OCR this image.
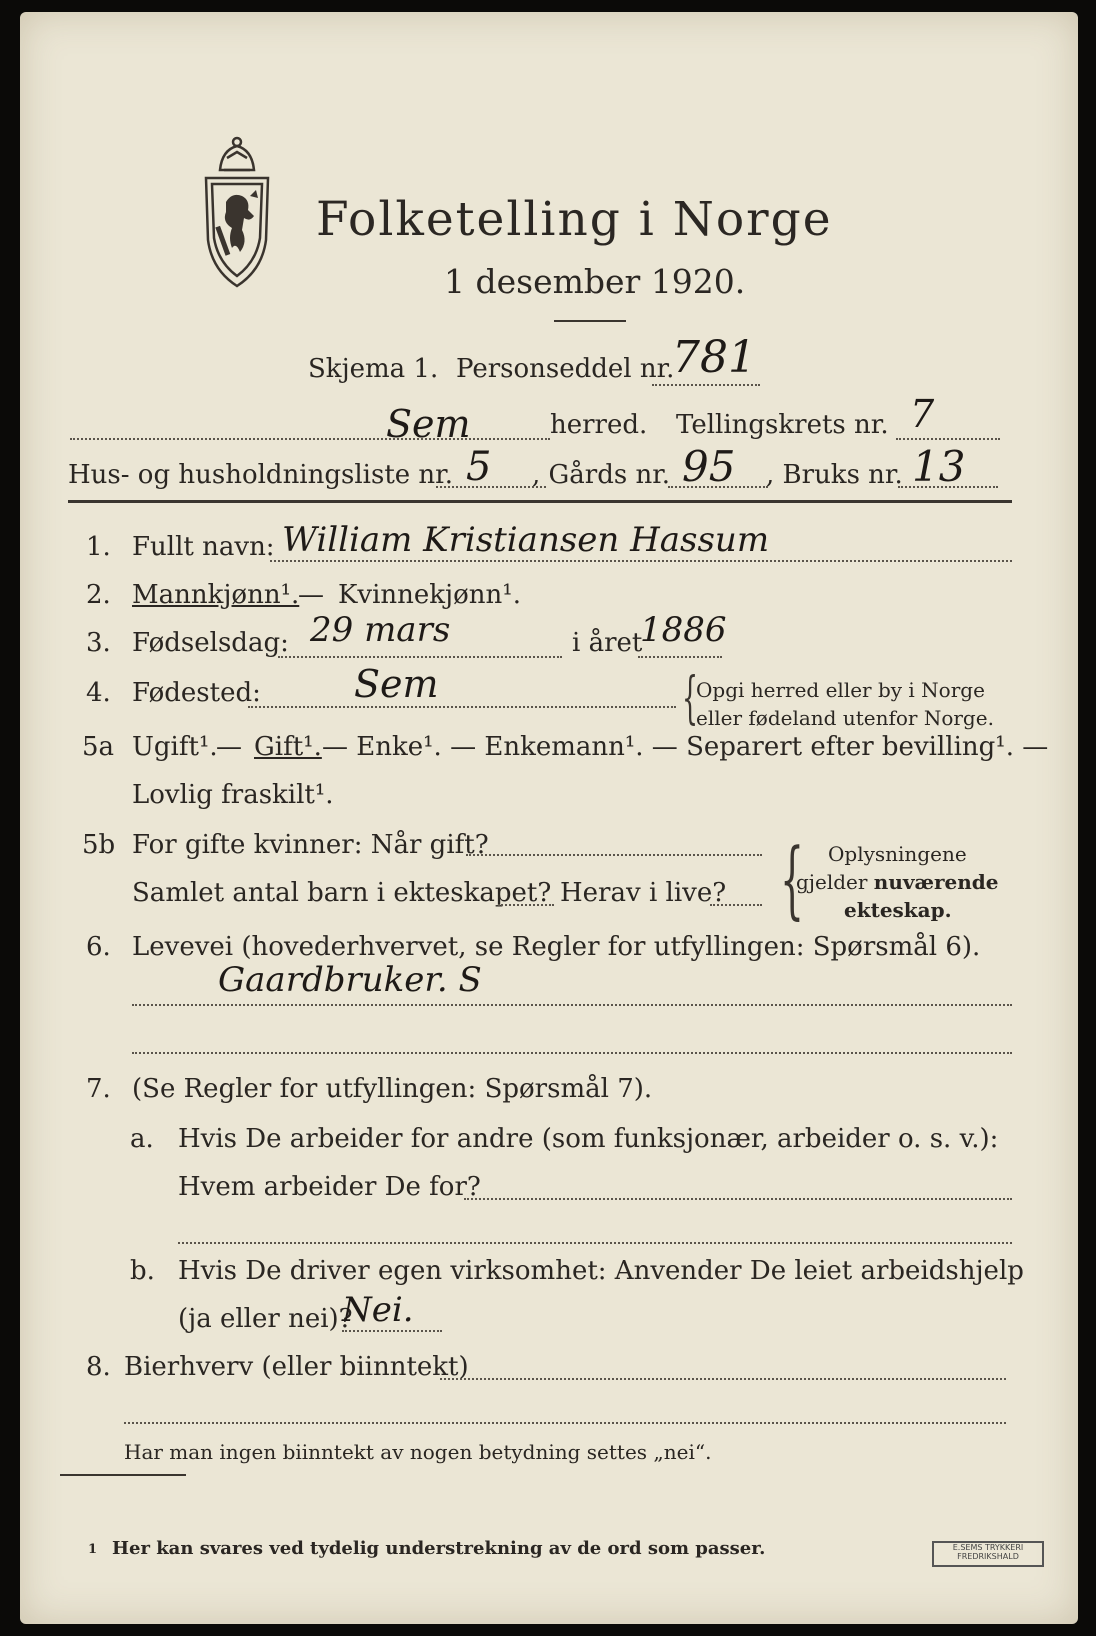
Folketelling i Norge
1 desember 1920.
Skjema 1. Personseddel nr.
781
Sem	herred. Tellingskrets nr. 7
Hus- og husholdningsliste nr. 5 , Gårds nr. 95 , Bruks nr. 13
1. Fullt navn: William Kristiansen Hassum
2. Mannkjønn¹.
— Kvinnekjønn¹.
3. Fødselsdag: 29 mars	i året
1886
4. Fødested: Sem	{
Opgi herred eller by i Norge
eller fødeland utenfor Norge.
5a Ugift¹.
— Gift¹. — Enke¹. — Enkemann¹. — Separert efter bevilling¹. —
Lovlig fraskilt¹.
5b For gifte kvinner: Når gift?
Samlet antal barn i ekteskapet? Herav i live? { Oplysningene
gjelder nuværende
ekteskap.
6. Levevei (hovederhvervet, se Regler for utfyllingen: Spørsmål 6).
Gaardbruker. S
7. (Se Regler for utfyllingen: Spørsmål 7).
a. Hvis De arbeider for andre (som funksjonær, arbeider o. s. v.):
Hvem arbeider De for?
b. Hvis De driver egen virksomhet: Anvender De leiet arbeidshjelp
(ja eller nei)?
Nei.
8. Bierhverv (eller biinntekt)
Har man ingen biinntekt av nogen betydning settes „nei“.
1 Her kan svares ved tydelig understrekning av de ord som passer.	E.SEMS TRYKKERI
FREDRIKSHALD
